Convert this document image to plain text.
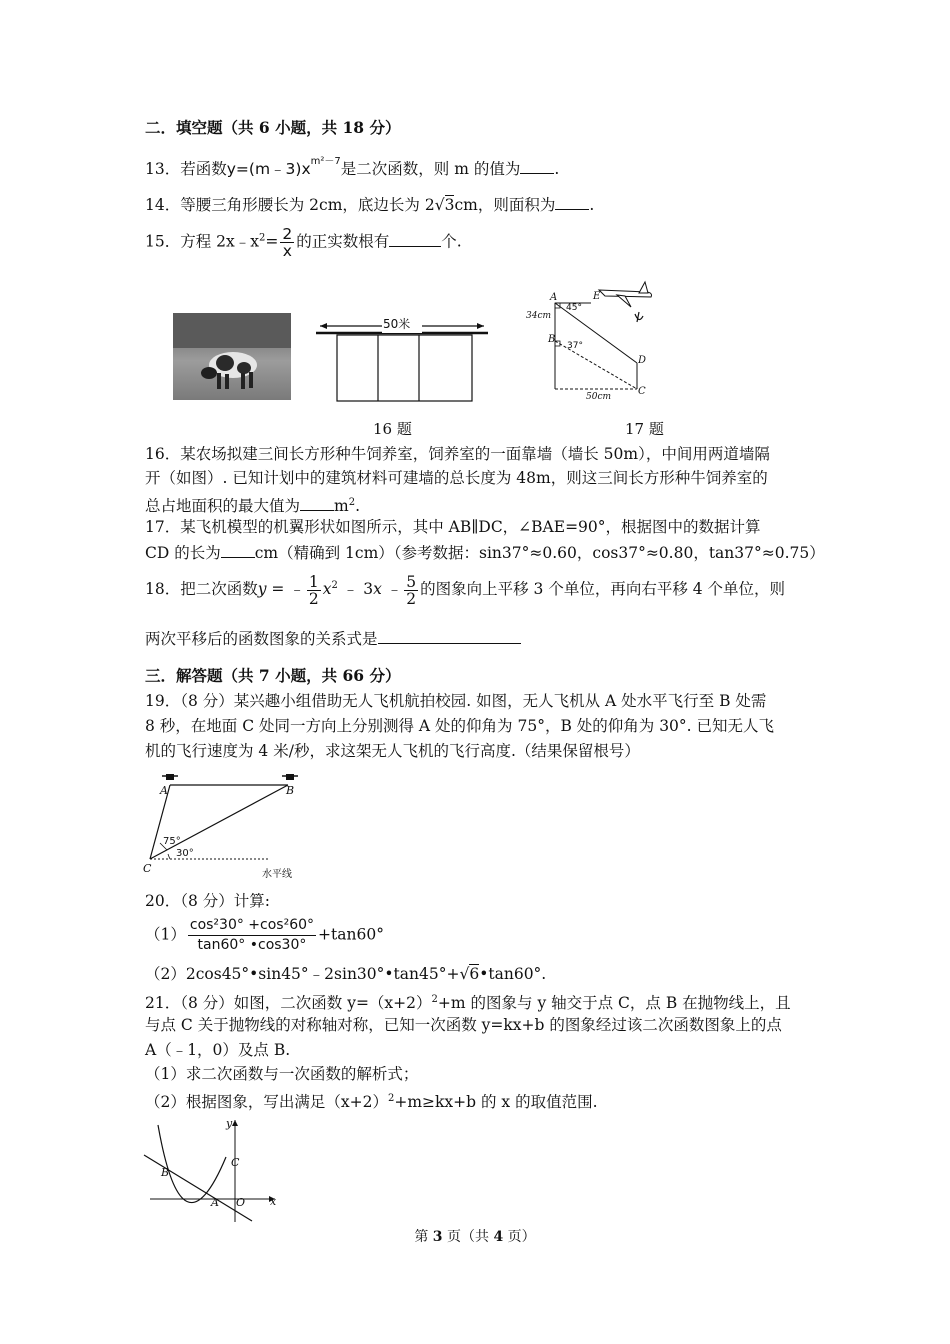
二．填空题（共 6 小题，共 18 分）
13．若函数$y=(m﹣3)x^{m^2-7}$是二次函数，则 m 的值为 .
14．等腰三角形腰长为 2cm，底边长为 2√3cm，则面积为 .
15．方程 $2x﹣x^2= \frac{2}{x}$ 的正实数根有	个.
50米
16 题
A	E
B
D
C
45°
37°
34cm
50cm
17 题
16．某农场拟建三间长方形种牛饲养室，饲养室的一面靠墙（墙长 50m），中间用两道墙隔
开（如图）. 已知计划中的建筑材料可建墙的总长度为 48m，则这三间长方形种牛饲养室的
总占地面积的最大值为 $m^2$.
17．某飞机模型的机翼形状如图所示，其中 AB∥DC，∠BAE=90°，根据图中的数据计算
CD 的长为 cm（精确到 1cm）（参考数据：sin37°≈0.60，cos37°≈0.80，tan37°≈0.75）
18．把二次函数y = ﹣ $\frac{1}{2} x^2$ ﹣ 3x ﹣ $\frac{5}{2}$ 的图象向上平移 3 个单位，再向右平移 4 个单位，则
两次平移后的函数图象的关系式是
三．解答题（共 7 小题，共 66 分）
19．（8 分）某兴趣小组借助无人飞机航拍校园. 如图，无人飞机从 A 处水平飞行至 B 处需
8 秒，在地面 C 处同一方向上分别测得 A 处的仰角为 75°，B 处的仰角为 30°. 已知无人飞
机的飞行速度为 4 米/秒，求这架无人飞机的飞行高度.（结果保留根号）
A	B
C
75°
30°
水平线
20．（8 分）计算:
$(1) \frac{\text{cos²30° +cos²60°}}{\tan 60^\circ •\cos 30^\circ} +\tan 60^\circ$
（2）2cos45°•sin45°﹣2sin30°•tan45°+√6•tan60°.
21．（8 分）如图，二次函数 $y=(x+2)^2+m$ 的图象与 y 轴交于点 C，点 B 在抛物线上，且
与点 C 关于抛物线的对称轴对称，已知一次函数 y=kx+b 的图象经过该二次函数图象上的点
A（﹣1，0）及点 B.
（1）求二次函数与一次函数的解析式；
（2）根据图象，写出满足$(x+2)^2+m\ge kx+b$ 的 x 的取值范围.
y
x
O
A
B
C
第 3 页（共 4 页）
